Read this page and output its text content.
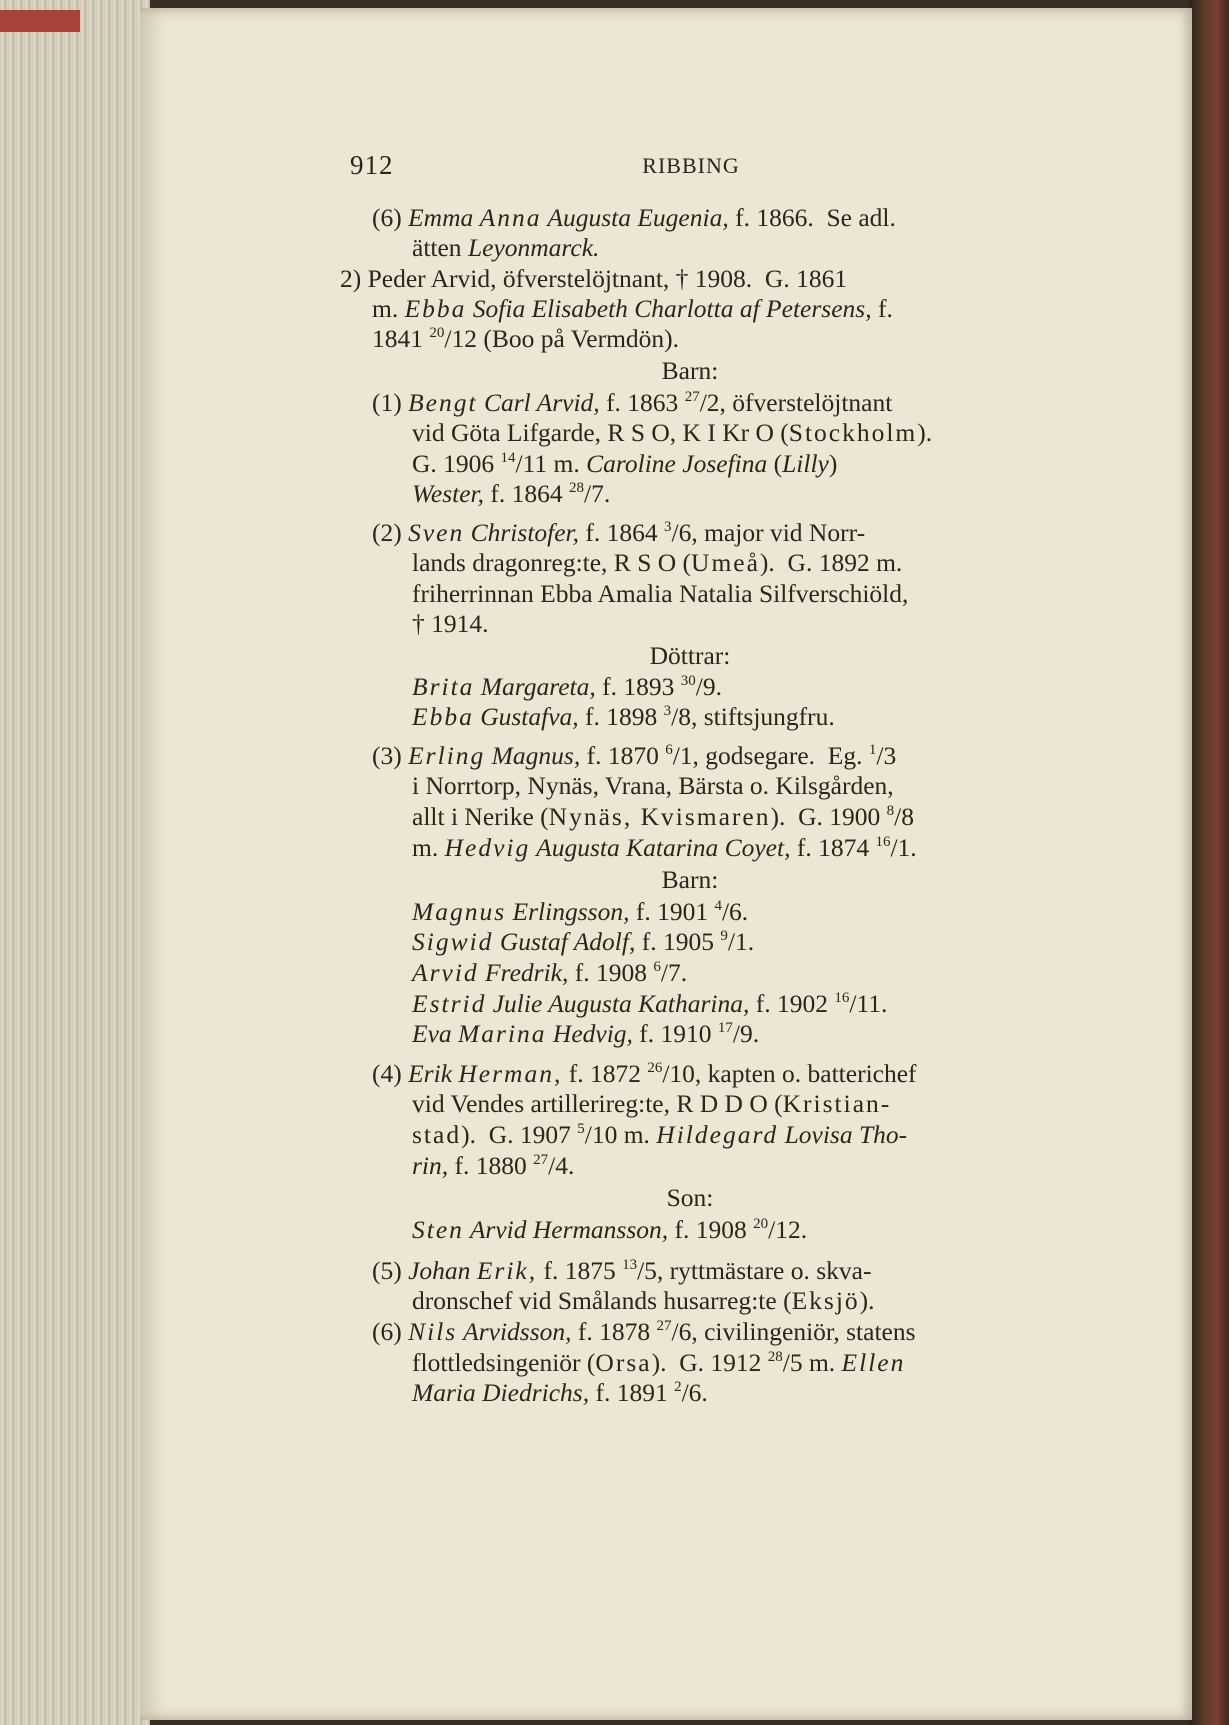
912	RIBBING
(6) Emma Anna Augusta Eugenia, f. 1866.  Se adl.
ätten Leyonmarck.
2) Peder Arvid, öfverstelöjtnant, † 1908.  G. 1861
m. Ebba Sofia Elisabeth Charlotta af Petersens, f.
1841 $^{20}$/12 (Boo på Vermdön).
Barn:
(1) Bengt Carl Arvid, f. 1863 $^{27}$/2, öfverstelöjtnant
vid Göta Lifgarde, R S O, K I Kr O (Stockholm).
G. 1906 $^{14}$/11 m. Caroline Josefina (Lilly)
Wester, f. 1864 $^{28}$/7.
(2) Sven Christofer, f. 1864 $^3$/6, major vid Norr-
lands dragonreg:te, R S O (Umeå).  G. 1892 m.
friherrinnan Ebba Amalia Natalia Silfverschiöld,
† 1914.
Döttrar:
Brita Margareta, f. 1893 $^{30}$/9.
Ebba Gustafva, f. 1898 $^3$/8, stiftsjungfru.
(3) Erling Magnus, f. 1870 $^6$/1, godsegare.  Eg. $^1$/3
i Norrtorp, Nynäs, Vrana, Bärsta o. Kilsgården,
allt i Nerike (Nynäs, Kvismaren).  G. 1900 $^8$/8
m. Hedvig Augusta Katarina Coyet, f. 1874 $^{16}$/1.
Barn:
Magnus Erlingsson, f. 1901 $^4$/6.
Sigwid Gustaf Adolf, f. 1905 $^9$/1.
Arvid Fredrik, f. 1908 $^6$/7.
Estrid Julie Augusta Katharina, f. 1902 $^{16}$/11.
Eva Marina Hedvig, f. 1910 $^{17}$/9.
(4) Erik Herman, f. 1872 $^{26}$/10, kapten o. batterichef
vid Vendes artillerireg:te, R D D O (Kristian-
stad).  G. 1907 $^5$/10 m. Hildegard Lovisa Tho-
rin, f. 1880 $^{27}$/4.
Son:
Sten Arvid Hermansson, f. 1908 $^{20}$/12.
(5) Johan Erik, f. 1875 $^{13}$/5, ryttmästare o. skva-
dronschef vid Smålands husarreg:te (Eksjö).
(6) Nils Arvidsson, f. 1878 $^{27}$/6, civilingeniör, statens
flottledsingeniör (Orsa).  G. 1912 $^{28}$/5 m. Ellen
Maria Diedrichs, f. 1891 $^2$/6.
